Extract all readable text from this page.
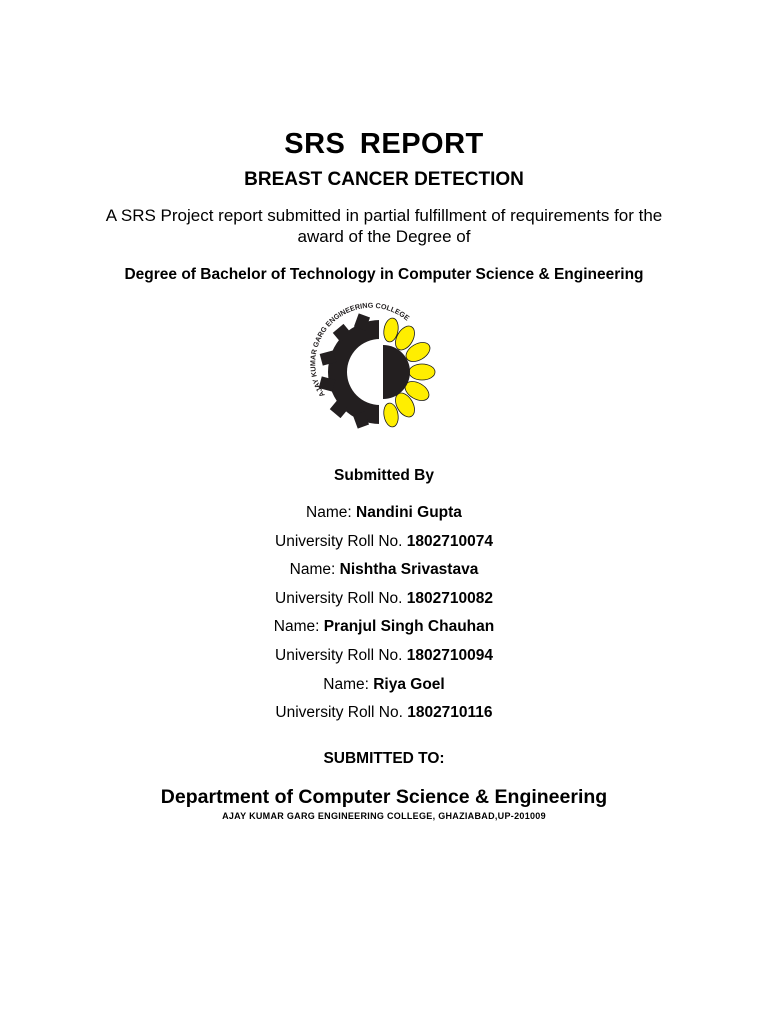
SRS REPORT
BREAST CANCER DETECTION
A SRS Project report submitted in partial fulfillment of requirements for the
award of the Degree of
Degree of Bachelor of Technology in Computer Science & Engineering
AJAY KUMAR GARG ENGINEERING COLLEGE
Submitted By
Name: Nandini Gupta
University Roll No. 1802710074
Name: Nishtha Srivastava
University Roll No. 1802710082
Name: Pranjul Singh Chauhan
University Roll No. 1802710094
Name: Riya Goel
University Roll No. 1802710116
SUBMITTED TO:
Department of Computer Science & Engineering
AJAY KUMAR GARG ENGINEERING COLLEGE, GHAZIABAD,UP-201009
